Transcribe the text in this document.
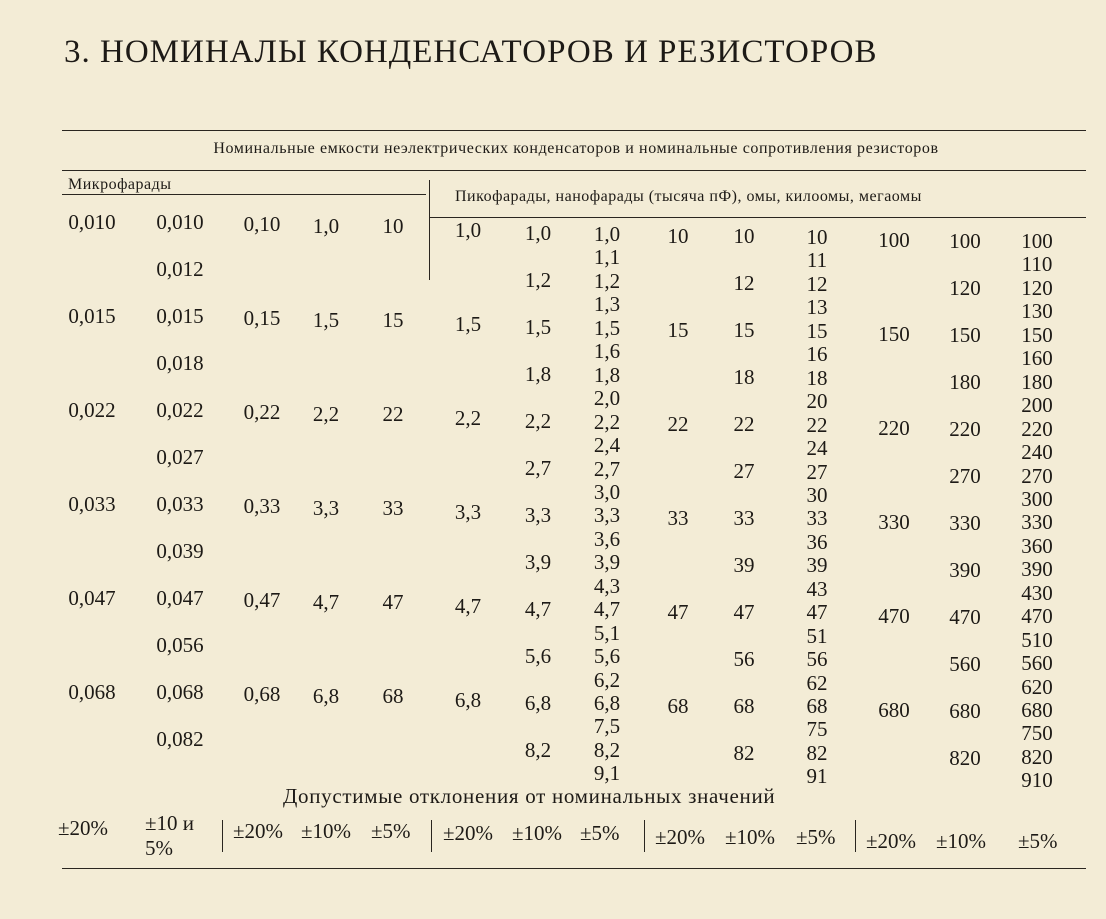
3. НОМИНАЛЫ КОНДЕНСАТОРОВ И РЕЗИСТОРОВ
Номинальные емкости неэлектрических конденсаторов и номинальные сопротивления резисторов
Микрофарады
Пикофарады, нанофарады (тысяча пФ), омы, килоомы, мегаомы
0,010
0,015
0,022
0,033
0,047
0,068
0,010
0,012
0,015
0,018
0,022
0,027
0,033
0,039
0,047
0,056
0,068
0,082
0,10
0,15
0,22
0,33
0,47
0,68
1,0
1,5
2,2
3,3
4,7
6,8
10
15
22
33
47
68
1,0
1,5
2,2
3,3
4,7
6,8
1,0
1,2
1,5
1,8
2,2
2,7
3,3
3,9
4,7
5,6
6,8
8,2
1,0
1,1
1,2
1,3
1,5
1,6
1,8
2,0
2,2
2,4
2,7
3,0
3,3
3,6
3,9
4,3
4,7
5,1
5,6
6,2
6,8
7,5
8,2
9,1
10
15
22
33
47
68
10
12
15
18
22
27
33
39
47
56
68
82
10
11
12
13
15
16
18
20
22
24
27
30
33
36
39
43
47
51
56
62
68
75
82
91
100
150
220
330
470
680
100
120
150
180
220
270
330
390
470
560
680
820
100
110
120
130
150
160
180
200
220
240
270
300
330
360
390
430
470
510
560
620
680
750
820
910
Допустимые отклонения от номинальных значений
±20% ±10 и
5%
±20% ±10% ±5% ±20% ±10% ±5% ±20% ±10% ±5% ±20% ±10% ±5%
